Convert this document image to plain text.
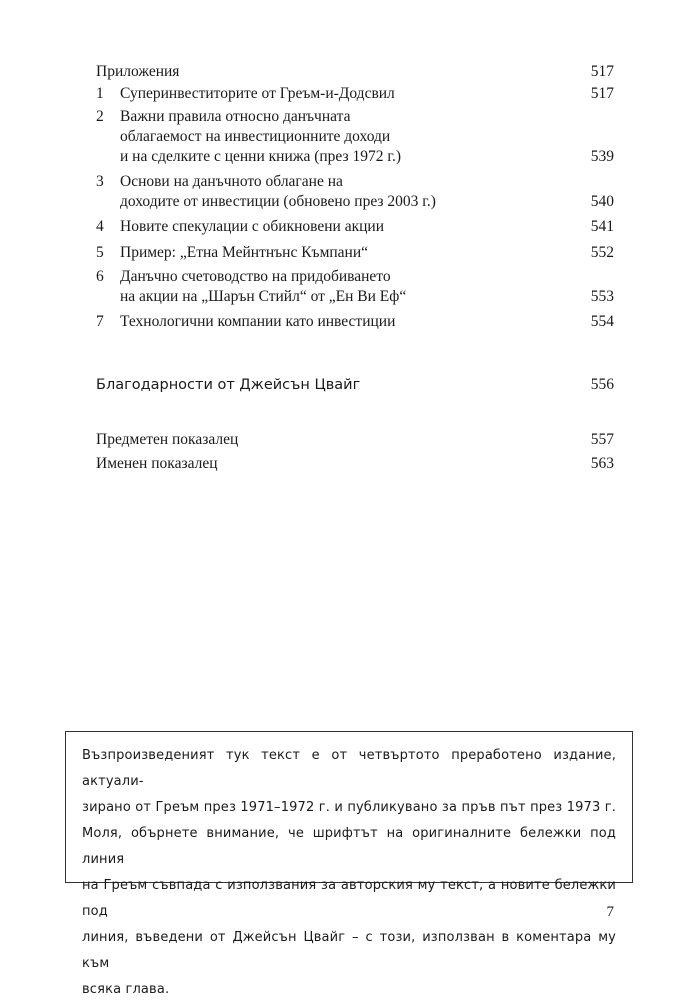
Приложения	517
1	Суперинвеститорите от Греъм-и-Додсвил	517
2	Важни правила относно данъчната
облагаемост на инвестиционните доходи
и на сделките с ценни книжа (през 1972 г.)	539
3	Основи на данъчното облагане на
доходите от инвестиции (обновено през 2003 г.)	540
4	Новите спекулации с обикновени акции	541
5	Пример: „Етна Мейнтнънс Къмпани“	552
6	Данъчно счетоводство на придобиването
на акции на „Шарън Стийл“ от „Ен Ви Еф“	553
7	Технологични компании като инвестиции	554
Благодарности от Джейсън Цвайг	556
Предметен показалец	557
Именен показалец	563

Възпроизведеният тук текст е от четвъртото преработено издание, актуали-
зирано от Греъм през 1971–1972 г. и публикувано за пръв път през 1973 г.
Моля, обърнете внимание, че шрифтът на оригиналните бележки под линия
на Греъм съвпада с използвания за авторския му текст, а новите бележки под
линия, въведени от Джейсън Цвайг – с този, използван в коментара му към
всяка глава.

7
